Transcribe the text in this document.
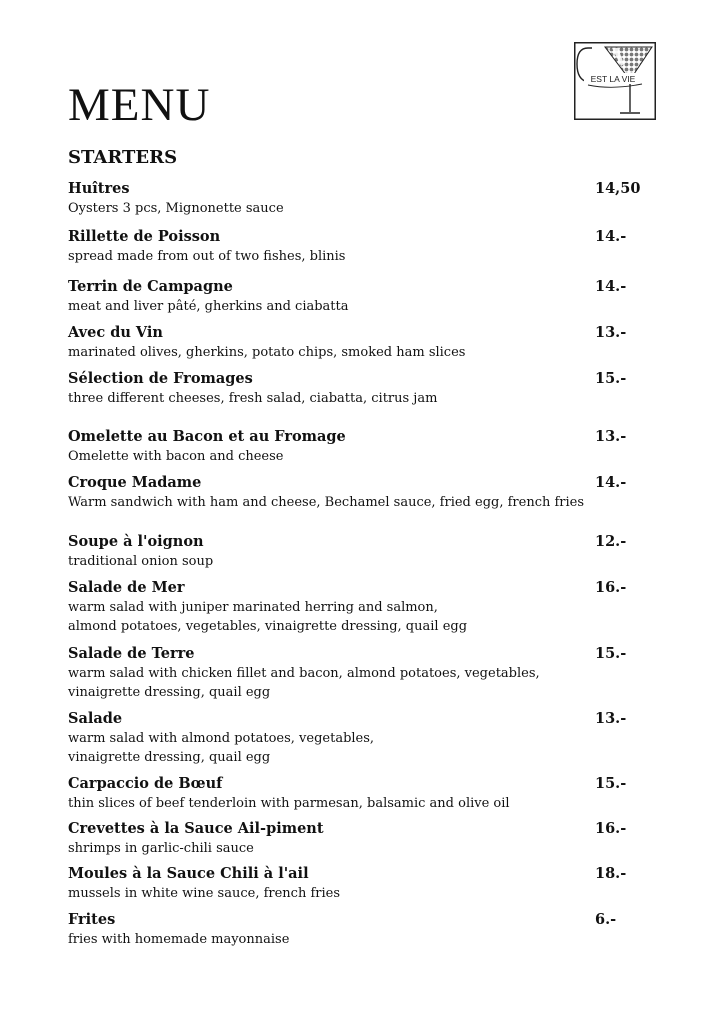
MENU	EST LA VIE
STARTERS
Huîtres
Oysters 3 pcs, Mignonette sauce
14,50
Rillette de Poisson
spread made from out of two fishes, blinis
14.-
Terrin de Campagne
meat and liver pâté, gherkins and ciabatta
14.-
Avec du Vin
marinated olives, gherkins, potato chips, smoked ham slices
13.-
Sélection de Fromages
three different cheeses, fresh salad, ciabatta, citrus jam
15.-
Omelette au Bacon et au Fromage
Omelette with bacon and cheese
13.-
Croque Madame
Warm sandwich with ham and cheese, Bechamel sauce, fried egg, french fries
14.-
Soupe à l'oignon
traditional onion soup
12.-
Salade de Mer
warm salad with juniper marinated herring and salmon,
almond potatoes, vegetables, vinaigrette dressing, quail egg
16.-
Salade de Terre
warm salad with chicken fillet and bacon, almond potatoes, vegetables,
vinaigrette dressing, quail egg
15.-
Salade
warm salad with almond potatoes, vegetables,
vinaigrette dressing, quail egg
13.-
Carpaccio de Bœuf
thin slices of beef tenderloin with parmesan, balsamic and olive oil
15.-
Crevettes à la Sauce Ail-piment
shrimps in garlic-chili sauce
16.-
Moules à la Sauce Chili à l'ail
mussels in white wine sauce, french fries
18.-
Frites
fries with homemade mayonnaise
6.-
